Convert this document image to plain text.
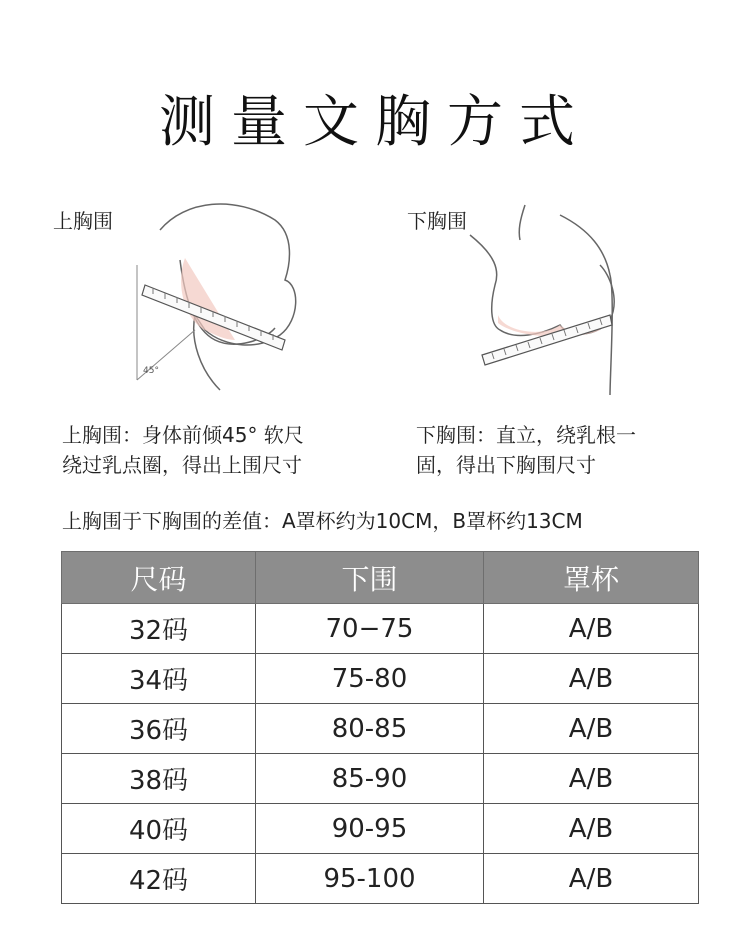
测量文胸方式
上胸围
45°
上胸围：身体前倾45° 软尺
绕过乳点圈，得出上围尺寸
下胸围
下胸围：直立，绕乳根一
固，得出下胸围尺寸
上胸围于下胸围的差值：A罩杯约为10CM，B罩杯约13CM
尺码	下围	罩杯
32码	70−75	A/B
34码	75-80	A/B
36码	80-85	A/B
38码	85-90	A/B
40码	90-95	A/B
42码	95-100	A/B
